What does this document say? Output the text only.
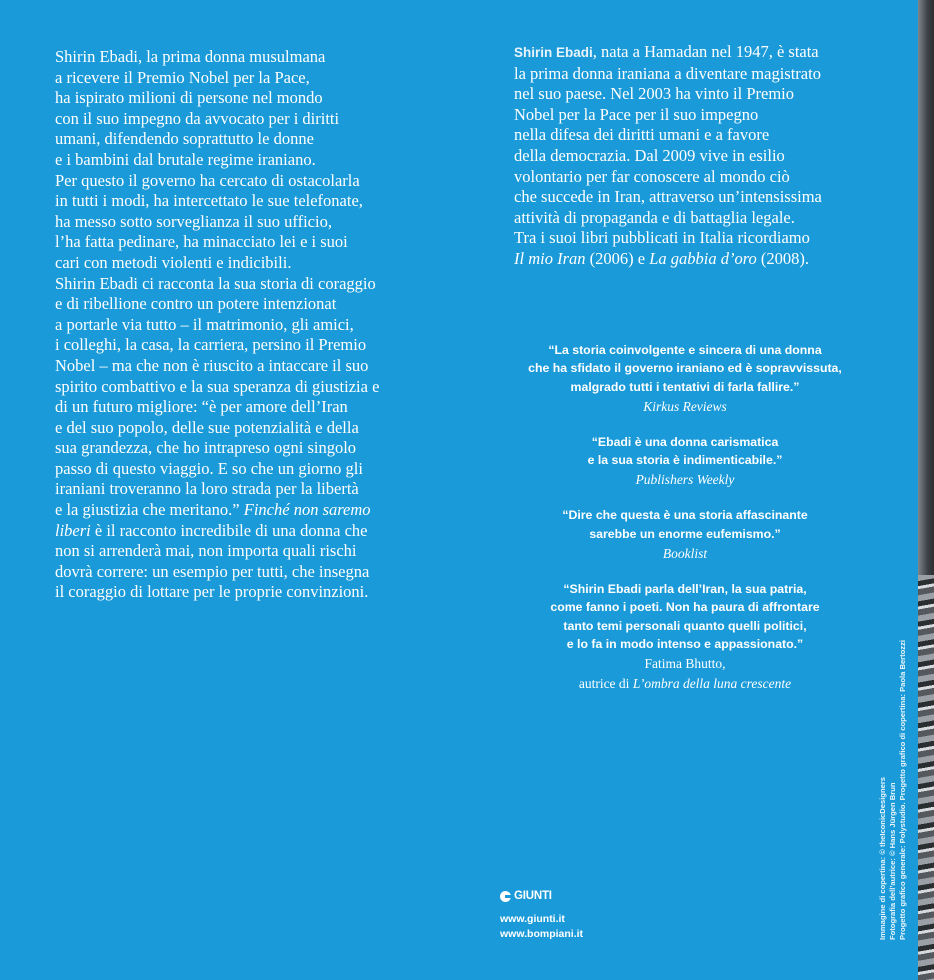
Shirin Ebadi, la prima donna musulmana
a ricevere il Premio Nobel per la Pace,
ha ispirato milioni di persone nel mondo
con il suo impegno da avvocato per i diritti
umani, difendendo soprattutto le donne
e i bambini dal brutale regime iraniano.
Per questo il governo ha cercato di ostacolarla
in tutti i modi, ha intercettato le sue telefonate,
ha messo sotto sorveglianza il suo ufficio,
l’ha fatta pedinare, ha minacciato lei e i suoi
cari con metodi violenti e indicibili.
Shirin Ebadi ci racconta la sua storia di coraggio
e di ribellione contro un potere intenzionat
a portarle via tutto – il matrimonio, gli amici,
i colleghi, la casa, la carriera, persino il Premio
Nobel – ma che non è riuscito a intaccare il suo
spirito combattivo e la sua speranza di giustizia e
di un futuro migliore: “è per amore dell’Iran
e del suo popolo, delle sue potenzialità e della
sua grandezza, che ho intrapreso ogni singolo
passo di questo viaggio. E so che un giorno gli
iraniani troveranno la loro strada per la libertà

e la giustizia che meritano.” Finché non saremo
liberi è il racconto incredibile di una donna che

non si arrenderà mai, non importa quali rischi
dovrà correre: un esempio per tutti, che insegna
il coraggio di lottare per le proprie convinzioni.

Shirin Ebadi, nata a Hamadan nel 1947, è stata
la prima donna iraniana a diventare magistrato
nel suo paese. Nel 2003 ha vinto il Premio
Nobel per la Pace per il suo impegno
nella difesa dei diritti umani e a favore
della democrazia. Dal 2009 vive in esilio
volontario per far conoscere al mondo ciò
che succede in Iran, attraverso un’intensissima
attività di propaganda e di battaglia legale.
Tra i suoi libri pubblicati in Italia ricordiamo
Il mio Iran (2006) e La gabbia d’oro (2008).
“La storia coinvolgente e sincera di una donna
che ha sfidato il governo iraniano ed è sopravvissuta,
malgrado tutti i tentativi di farla fallire.”
Kirkus Reviews
“Ebadi è una donna carismatica
e la sua storia è indimenticabile.”
Publishers Weekly
“Dire che questa è una storia affascinante
sarebbe un enorme eufemismo.”
Booklist
“Shirin Ebadi parla dell’Iran, la sua patria,
come fanno i poeti. Non ha paura di affrontare
tanto temi personali quanto quelli politici,
e lo fa in modo intenso e appassionato.”
Fatima Bhutto,
autrice di L’ombra della luna crescente
GIUNTI
www.giunti.it
www.bompiani.it	Immagine di copertina: © theIconicDesigners Fotografia dell’autrice: © Hans Jürgen Brun Progetto grafico generale: Polystudio. Progetto grafico di copertina: Paola Bertozzi
